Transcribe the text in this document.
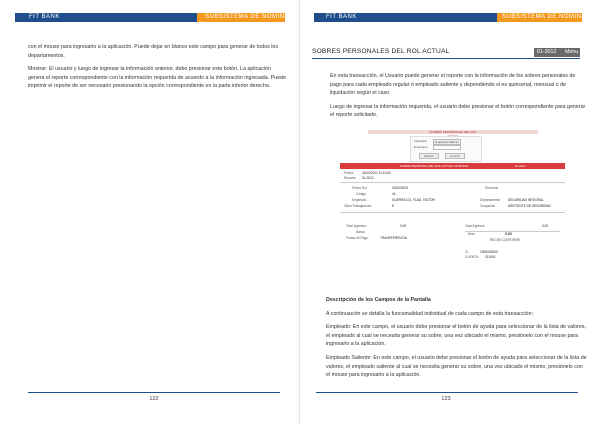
FIT BANK	SUBSISTEMA DE NÓMINA

con el mouse para ingresarlo a la aplicación. Puede dejar en blanco este campo para generar de todos los departamentos.

Mostrar: El usuario y luego de ingresar la información anterior, debe presionar este botón. La aplicación genera el reporte correspondiente con la información requerida de acuerdo a la información ingresada. Puede imprimir el reporte de ser necesario presionando la opción correspondiente en la parte inferior derecha.

122
FIT BANK	SUBSISTEMA DE NÓMINA

En esta transacción, el Usuario puede generar el reporte con la información de los sobres personales de pago para cada empleado regular ó empleado saliente y dependiendo si es quincenal, mensual o de liquidación según el caso.

Luego de ingresar la información requerida, el usuario debe presionar el botón correspondiente para generar el reporte solicitado.

Descripción de los Campos de la Pantalla

A continuación se detalla la funcionalidad individual de cada campo de esta transacción:

Empleado: En este campo, el usuario debe presionar el botón de ayuda para seleccionar de la lista de valores, el empleado al cual se necesita generar su sobre, una vez ubicado el mismo, presiónelo con el mouse para ingresarlo a la aplicación.

Empleado Saliente: En este campo, el usuario debe presionar el botón de ayuda para seleccionar de la lista de valores, el empleado saliente al cual se necesita generar su sobre, una vez ubicado el mismo, presiónelo con el mouse para ingresarlo a la aplicación.

123
SOBRES PERSONALES DEL ROL ACTUAL	01-3012 Menu
SOBRES PERSONALES DEL ROL
Individual	Empleado Saliente
Empleado
Mostrar	Imprimir
SOBRE PERSONAL DEL ROL ACTUAL NOMINAS	Nombre
Fecha:	26/10/2011 11:10:53
Reporte: 01-3012
Fecha Rol	2010/09/15	Dirección
Código	44
Empleado	GUERRA CO. FLAD. VICTOR	Departamento SEGURIDAD INTEGRAL
Otros Trabajadores	8	Ocupación	ASISTENTE DE SEGURIDAD
Total Ingresos:	0.00	Total Egresos:	0.00
Banco	Neto	0.00
Forma de Pago:	TRANSFERENCIA	RECIBI CONFORME
CI:	1900000000
CUENTA: 211000
